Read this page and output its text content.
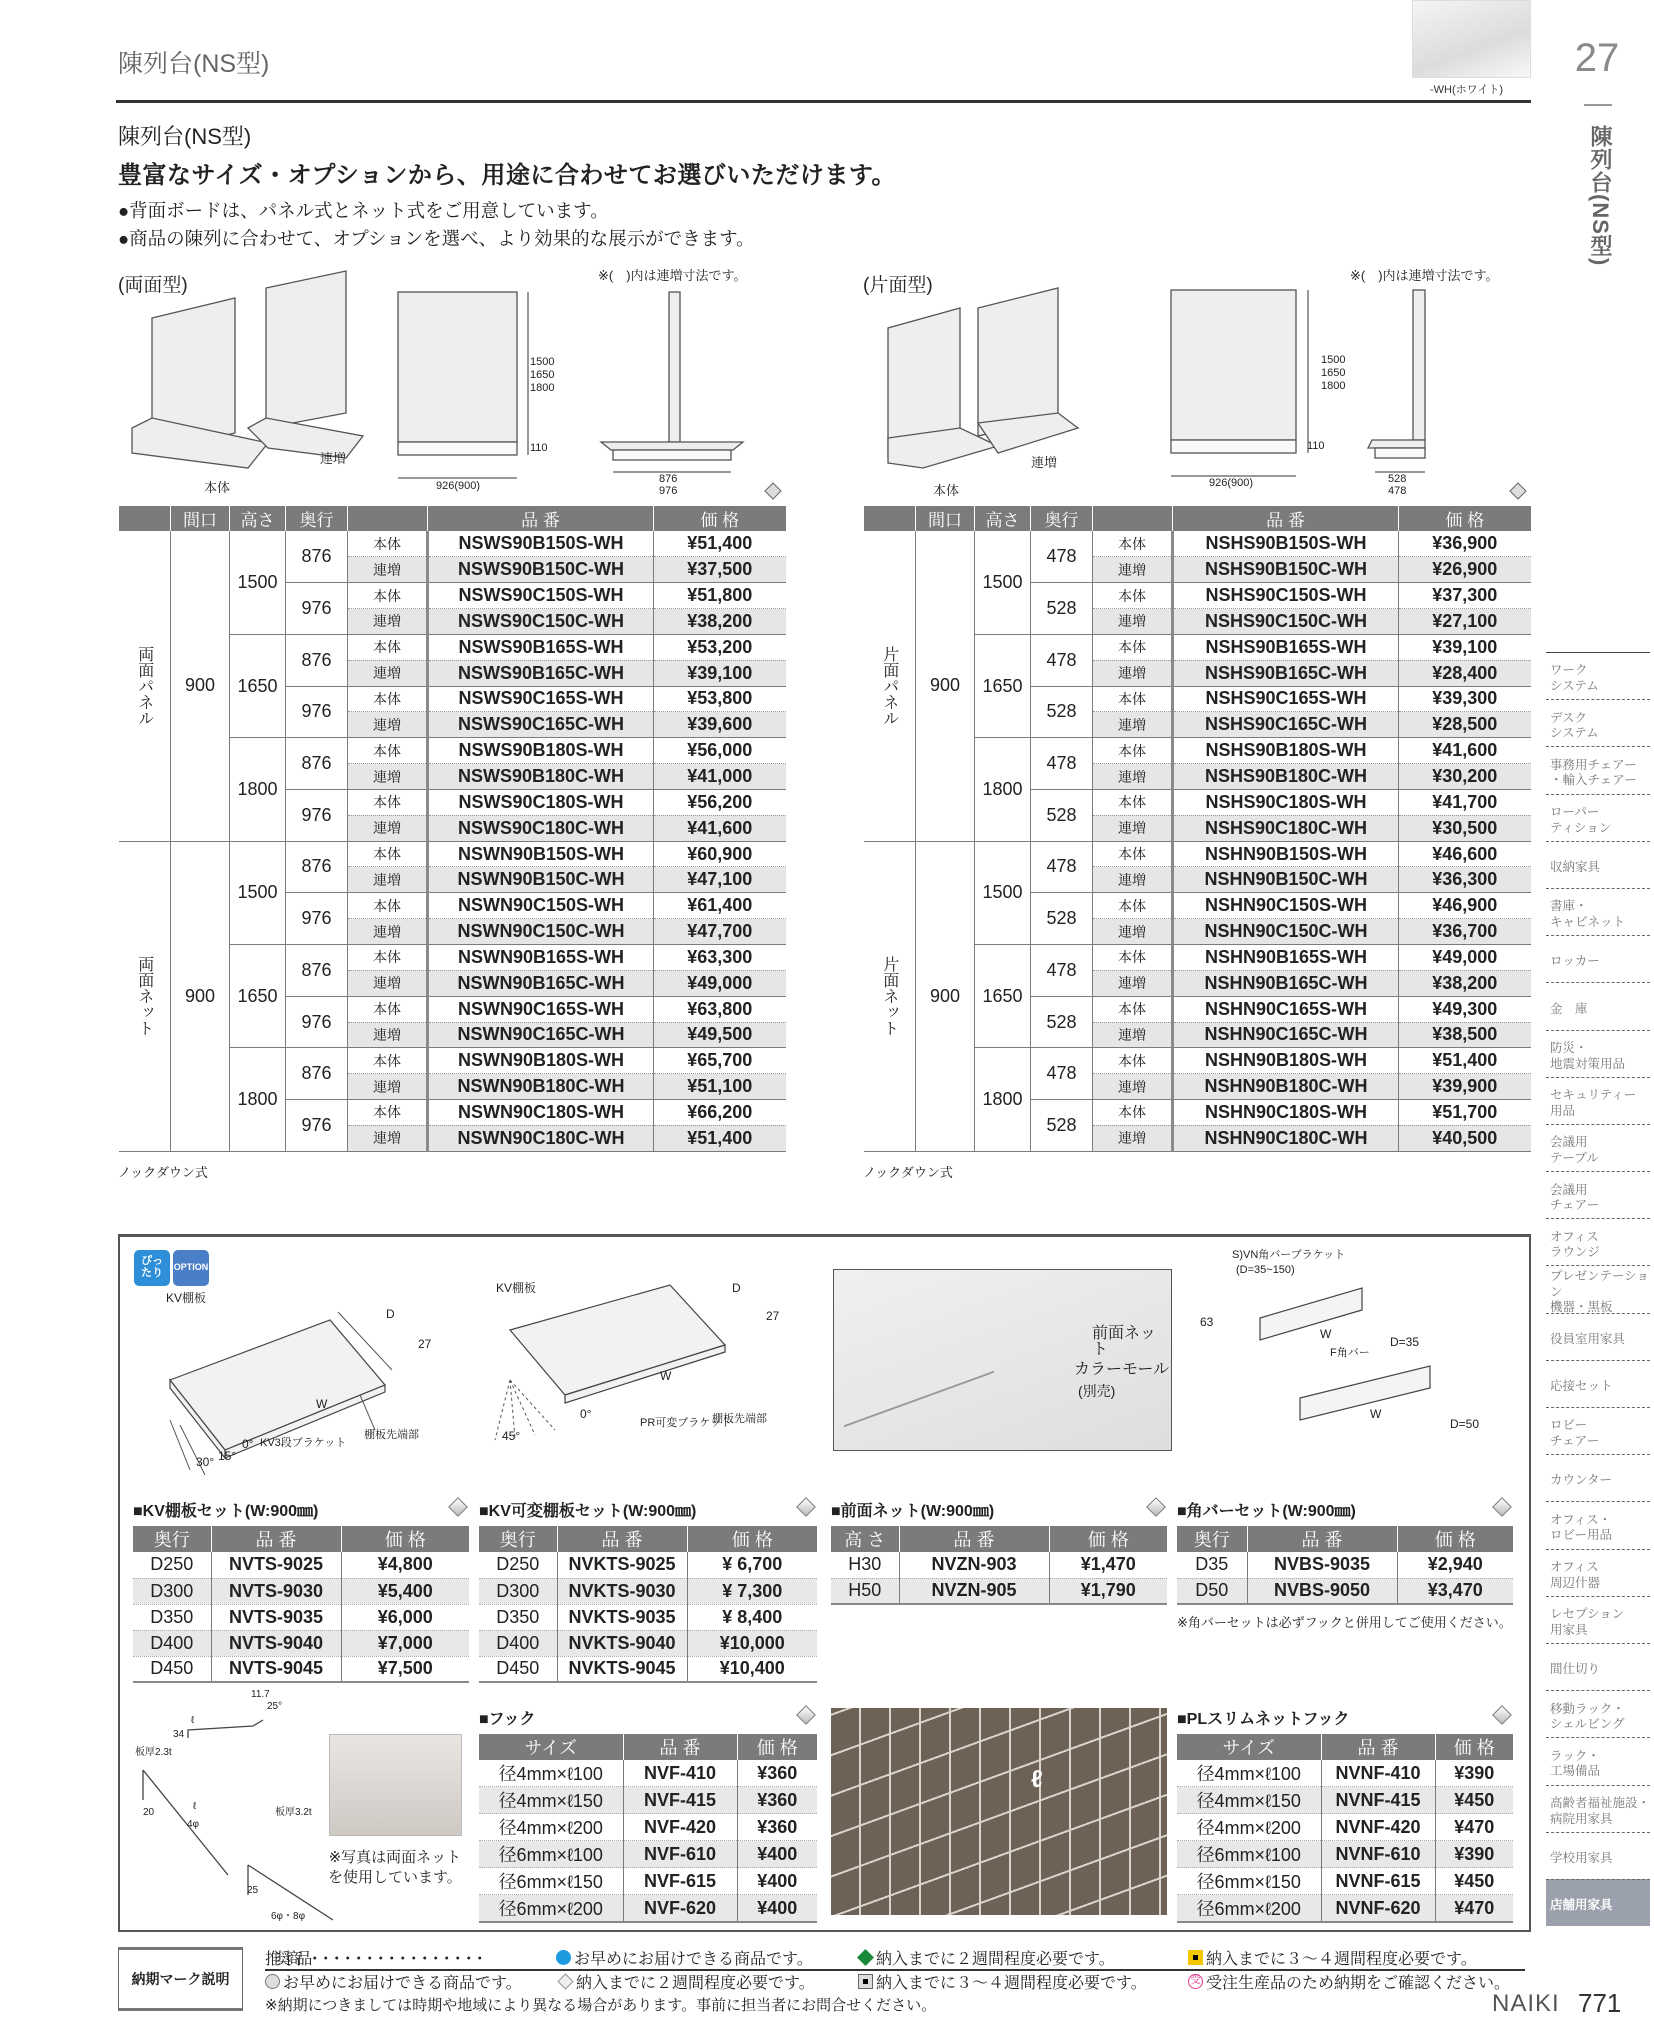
陳列台(NS型)
-WH(ホワイト)
27
陳列台(NS型)
ワーク
システム
デスク
システム
事務用チェアー
・輸入チェアー
ローパー
ティション
収納家具
書庫・
キャビネット
ロッカー
金　庫
防災・
地震対策用品
セキュリティー
用品
会議用
テーブル
会議用
チェアー
オフィス
ラウンジ
プレゼンテーション
機器・黒板
役員室用家具
応接セット
ロビー
チェアー
カウンター
オフィス・
ロビー用品
オフィス
周辺什器
レセプション
用家具
間仕切り
移動ラック・
シェルビング
ラック・
工場備品
高齢者福祉施設・
病院用家具
学校用家具
店舗用家具
陳列台(NS型)
豊富なサイズ・オプションから、用途に合わせてお選びいただけます。
●背面ボードは、パネル式とネット式をご用意しています。
●商品の陳列に合わせて、オプションを選べ、より効果的な展示ができます。
(両面型)	※(　)内は連増寸法です。	(片面型)	※(　)内は連増寸法です。
本体
連増
1500
1650
1800
110
926(900)
876
976	本体
連増
1500
1650
1800
110
926(900)	528
478
	間口	高さ	奥行		品 番	価 格
両面パネル	900	1500	876	本体	NSWS90B150S-WH	¥51,400
				連増	NSWS90B150C-WH	¥37,500
			976	本体	NSWS90C150S-WH	¥51,800
				連増	NSWS90C150C-WH	¥38,200
		1650	876	本体	NSWS90B165S-WH	¥53,200
				連増	NSWS90B165C-WH	¥39,100
			976	本体	NSWS90C165S-WH	¥53,800
				連増	NSWS90C165C-WH	¥39,600
		1800	876	本体	NSWS90B180S-WH	¥56,000
				連増	NSWS90B180C-WH	¥41,000
			976	本体	NSWS90C180S-WH	¥56,200
				連増	NSWS90C180C-WH	¥41,600
両面ネット	900	1500	876	本体	NSWN90B150S-WH	¥60,900
				連増	NSWN90B150C-WH	¥47,100
			976	本体	NSWN90C150S-WH	¥61,400
				連増	NSWN90C150C-WH	¥47,700
		1650	876	本体	NSWN90B165S-WH	¥63,300
				連増	NSWN90B165C-WH	¥49,000
			976	本体	NSWN90C165S-WH	¥63,800
				連増	NSWN90C165C-WH	¥49,500
		1800	876	本体	NSWN90B180S-WH	¥65,700
				連増	NSWN90B180C-WH	¥51,100
			976	本体	NSWN90C180S-WH	¥66,200
				連増	NSWN90C180C-WH	¥51,400
	間口	高さ	奥行		品 番	価 格
片面パネル	900	1500	478	本体	NSHS90B150S-WH	¥36,900
				連増	NSHS90B150C-WH	¥26,900
			528	本体	NSHS90C150S-WH	¥37,300
				連増	NSHS90C150C-WH	¥27,100
		1650	478	本体	NSHS90B165S-WH	¥39,100
				連増	NSHS90B165C-WH	¥28,400
			528	本体	NSHS90C165S-WH	¥39,300
				連増	NSHS90C165C-WH	¥28,500
		1800	478	本体	NSHS90B180S-WH	¥41,600
				連増	NSHS90B180C-WH	¥30,200
			528	本体	NSHS90C180S-WH	¥41,700
				連増	NSHS90C180C-WH	¥30,500
片面ネット	900	1500	478	本体	NSHN90B150S-WH	¥46,600
				連増	NSHN90B150C-WH	¥36,300
			528	本体	NSHN90C150S-WH	¥46,900
				連増	NSHN90C150C-WH	¥36,700
		1650	478	本体	NSHN90B165S-WH	¥49,000
				連増	NSHN90B165C-WH	¥38,200
			528	本体	NSHN90C165S-WH	¥49,300
				連増	NSHN90C165C-WH	¥38,500
		1800	478	本体	NSHN90B180S-WH	¥51,400
				連増	NSHN90B180C-WH	¥39,900
			528	本体	NSHN90C180S-WH	¥51,700
				連増	NSHN90C180C-WH	¥40,500
ノックダウン式	ノックダウン式
ぴっ
たり	OPTION
KV棚板
D
27
W
0°
15°
30°
KV3段ブラケット
棚板先端部
KV棚板	D
27
W
45°
0°
PR可変ブラケット
棚板先端部
前面ネット
カラーモール
(別売)
S)VN角バーブラケット
(D=35~150)
63
W
D=35
F角バー
W
D=50
■KV棚板セット(W:900㎜)
奥行	品 番	価 格
D250	NVTS-9025	¥4,800
D300	NVTS-9030	¥5,400
D350	NVTS-9035	¥6,000
D400	NVTS-9040	¥7,000
D450	NVTS-9045	¥7,500
■KV可変棚板セット(W:900㎜)
奥行	品 番	価 格
D250	NVKTS-9025	¥ 6,700
D300	NVKTS-9030	¥ 7,300
D350	NVKTS-9035	¥ 8,400
D400	NVKTS-9040	¥10,000
D450	NVKTS-9045	¥10,400
■前面ネット(W:900㎜)
高 さ	品 番	価 格
H30	NVZN-903	¥1,470
H50	NVZN-905	¥1,790
■角バーセット(W:900㎜)
奥行	品 番	価 格
D35	NVBS-9035	¥2,940
D50	NVBS-9050	¥3,470
※角バーセットは必ずフックと併用してご使用ください。
■フック
サイズ	品 番	価 格
径4mm×ℓ100	NVF-410	¥360
径4mm×ℓ150	NVF-415	¥360
径4mm×ℓ200	NVF-420	¥360
径6mm×ℓ100	NVF-610	¥400
径6mm×ℓ150	NVF-615	¥400
径6mm×ℓ200	NVF-620	¥400
■PLスリムネットフック
サイズ	品 番	価 格
径4mm×ℓ100	NVNF-410	¥390
径4mm×ℓ150	NVNF-415	¥450
径4mm×ℓ200	NVNF-420	¥470
径6mm×ℓ100	NVNF-610	¥390
径6mm×ℓ150	NVNF-615	¥450
径6mm×ℓ200	NVNF-620	¥470
11.7
25°
ℓ
ℓ
34
板厚2.3t
20
4φ
板厚3.2t
25
6φ・8φ
※写真は両面ネット
を使用しています。
ℓ
納期マーク説明
推 奨 商 品 ・・・・・・・・・・・・・・・・	お早めにお届けできる商品です。	納入までに２週間程度必要です。	納入までに３～４週間程度必要です。
お早めにお届けできる商品です。	納入までに２週間程度必要です。	納入までに３～４週間程度必要です。	受 受注生産品のため納期をご確認ください。
※納期につきましては時期や地域により異なる場合があります。事前に担当者にお問合せください。	NAIKI 771
